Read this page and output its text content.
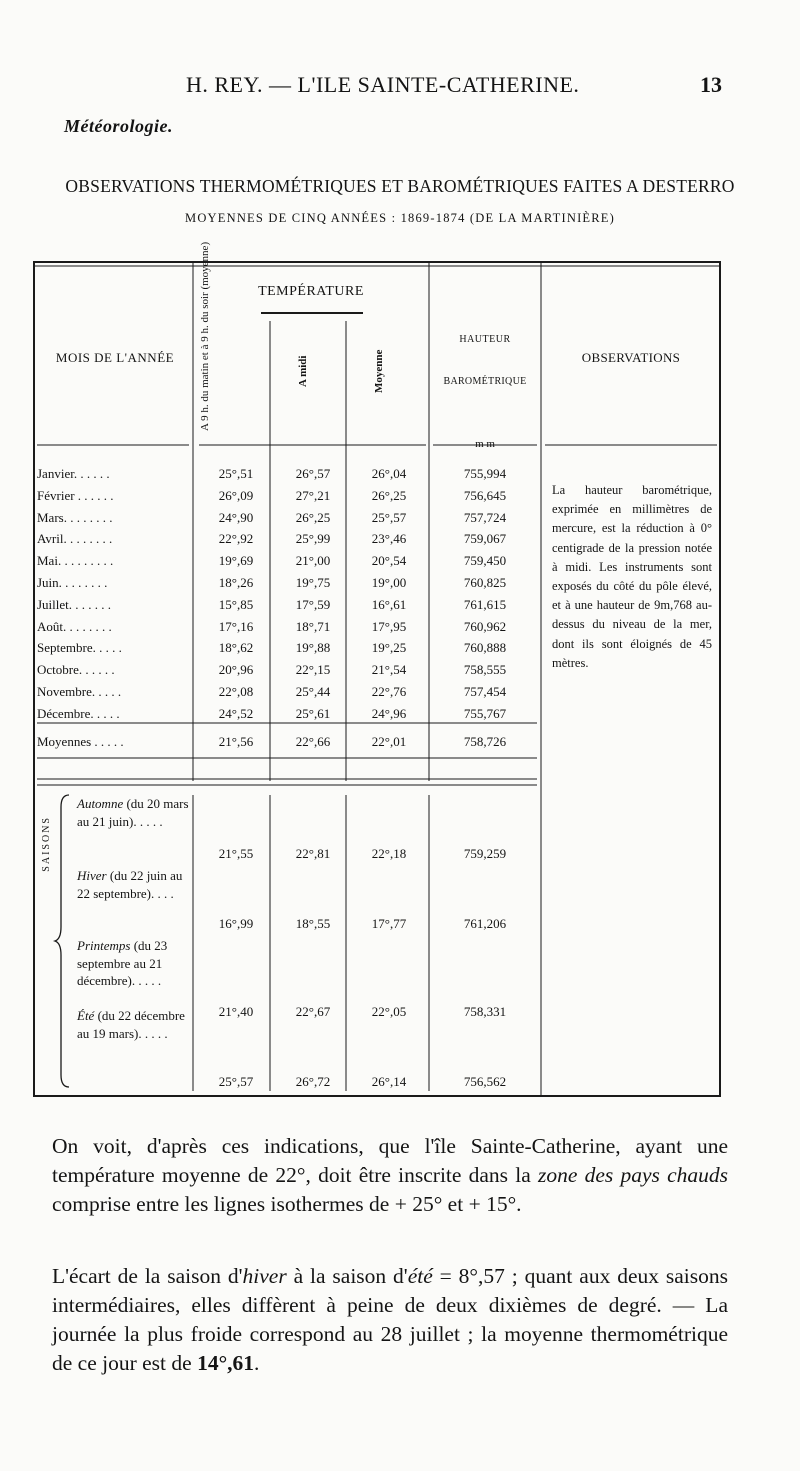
H. REY. — L'ILE SAINTE-CATHERINE.	13
Météorologie.
OBSERVATIONS THERMOMÉTRIQUES ET BAROMÉTRIQUES FAITES A DESTERRO
MOYENNES DE CINQ ANNÉES : 1869-1874 (DE LA MARTINIÈRE)
TEMPÉRATURE
MOIS DE L'ANNÉE	A 9 h. du matin et à 9 h. du soir (moyenne)	A midi	Moyenne
HAUTEUR
BAROMÉTRIQUE
OBSERVATIONS
m m
Janvier. . . . . .	25°,51	26°,57	26°,04	755,994
Février . . . . . .	26°,09	27°,21	26°,25	756,645
Mars. . . . . . . .	24°,90	26°,25	25°,57	757,724
Avril. . . . . . . .	22°,92	25°,99	23°,46	759,067
Mai. . . . . . . . .	19°,69	21°,00	20°,54	759,450
Juin. . . . . . . .	18°,26	19°,75	19°,00	760,825
Juillet. . . . . . .	15°,85	17°,59	16°,61	761,615
Août. . . . . . . .	17°,16	18°,71	17°,95	760,962
Septembre. . . . .	18°,62	19°,88	19°,25	760,888
Octobre. . . . . .	20°,96	22°,15	21°,54	758,555
Novembre. . . . .	22°,08	25°,44	22°,76	757,454
Décembre. . . . .	24°,52	25°,61	24°,96	755,767
Moyennes . . . . .	21°,56	22°,66	22°,01	758,726
La hauteur barométrique, exprimée en millimètres de mercure, est la réduction à 0° centigrade de la pression notée à midi. Les instruments sont exposés du côté du pôle élevé, et à une hauteur de 9m,768 au-dessus du niveau de la mer, dont ils sont éloignés de 45 mètres.
SAISONS
Automne (du 20 mars au 21 juin). . . . .
21°,55	22°,81	22°,18	759,259
Hiver (du 22 juin au 22 septembre). . . .
16°,99	18°,55	17°,77	761,206
Printemps (du 23 septembre au 21 décembre). . . . .
21°,40	22°,67	22°,05	758,331
Été (du 22 décembre au 19 mars). . . . .
25°,57	26°,72	26°,14	756,562
On voit, d'après ces indications, que l'île Sainte-Catherine, ayant une température moyenne de 22°, doit être inscrite dans la zone des pays chauds comprise entre les lignes isothermes de + 25° et + 15°.
L'écart de la saison d'hiver à la saison d'été = 8°,57 ; quant aux deux saisons intermédiaires, elles diffèrent à peine de deux dixièmes de degré. — La journée la plus froide correspond au 28 juillet ; la moyenne thermométrique de ce jour est de 14°,61.
